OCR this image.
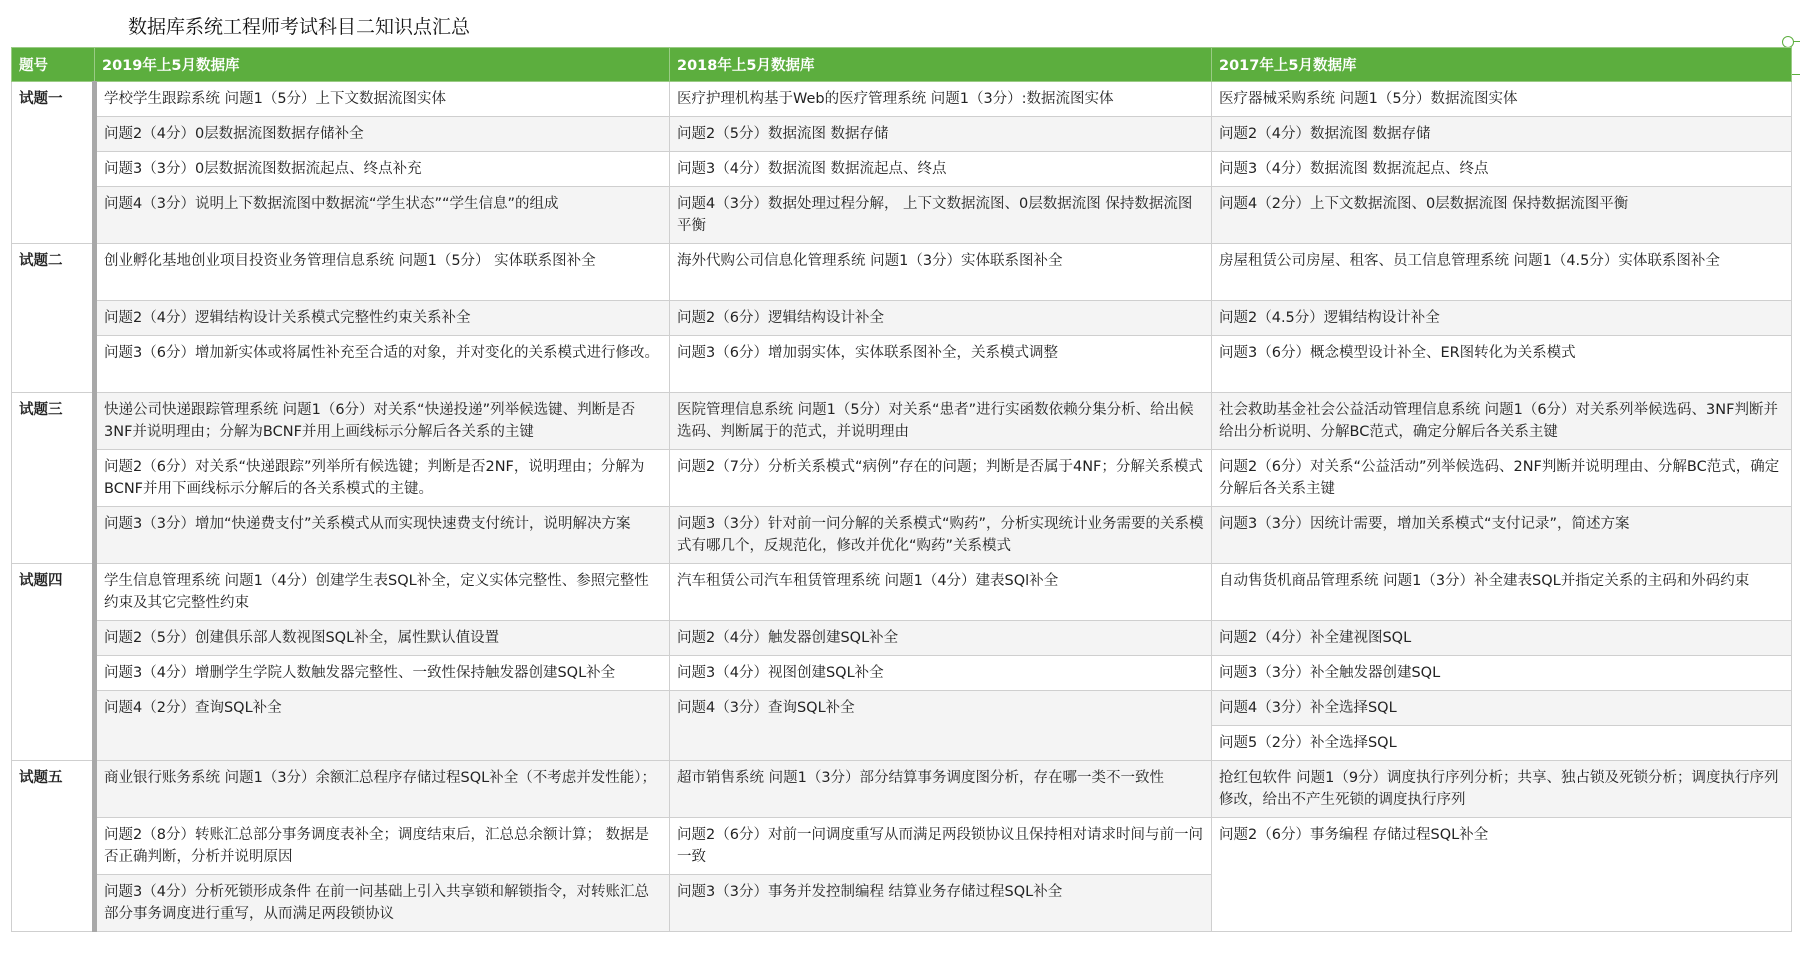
数据库系统工程师考试科目二知识点汇总
题号	2019年上5月数据库	2018年上5月数据库	2017年上5月数据库
试题一	学校学生跟踪系统 问题1（5分）上下文数据流图实体	医疗护理机构基于Web的医疗管理系统 问题1（3分）:数据流图实体	医疗器械采购系统 问题1（5分）数据流图实体
	问题2（4分）0层数据流图数据存储补全	问题2（5分）数据流图 数据存储	问题2（4分）数据流图 数据存储
	问题3（3分）0层数据流图数据流起点、终点补充	问题3（4分）数据流图 数据流起点、终点	问题3（4分）数据流图 数据流起点、终点
	问题4（3分）说明上下数据流图中数据流“学生状态”“学生信息”的组成	问题4（3分）数据处理过程分解， 上下文数据流图、0层数据流图 保持数据流图平衡	问题4（2分）上下文数据流图、0层数据流图 保持数据流图平衡
试题二	创业孵化基地创业项目投资业务管理信息系统 问题1（5分） 实体联系图补全	海外代购公司信息化管理系统 问题1（3分）实体联系图补全	房屋租赁公司房屋、租客、员工信息管理系统 问题1（4.5分）实体联系图补全
	问题2（4分）逻辑结构设计关系模式完整性约束关系补全	问题2（6分）逻辑结构设计补全	问题2（4.5分）逻辑结构设计补全
	问题3（6分）增加新实体或将属性补充至合适的对象，并对变化的关系模式进行修改。	问题3（6分）增加弱实体，实体联系图补全，关系模式调整	问题3（6分）概念模型设计补全、ER图转化为关系模式
试题三	快递公司快递跟踪管理系统 问题1（6分）对关系“快递投递”列举候选键、判断是否3NF并说明理由；分解为BCNF并用上画线标示分解后各关系的主键	医院管理信息系统 问题1（5分）对关系“患者”进行实函数依赖分集分析、给出候选码、判断属于的范式，并说明理由	社会救助基金社会公益活动管理信息系统 问题1（6分）对关系列举候选码、3NF判断并给出分析说明、分解BC范式，确定分解后各关系主键
	问题2（6分）对关系“快递跟踪”列举所有候选键；判断是否2NF，说明理由；分解为BCNF并用下画线标示分解后的各关系模式的主键。	问题2（7分）分析关系模式“病例”存在的问题；判断是否属于4NF；分解关系模式	问题2（6分）对关系“公益活动”列举候选码、2NF判断并说明理由、分解BC范式，确定分解后各关系主键
	问题3（3分）增加“快递费支付”关系模式从而实现快速费支付统计，说明解决方案	问题3（3分）针对前一问分解的关系模式“购药”，分析实现统计业务需要的关系模式有哪几个，反规范化，修改并优化“购药”关系模式	问题3（3分）因统计需要，增加关系模式“支付记录”，简述方案
试题四	学生信息管理系统 问题1（4分）创建学生表SQL补全，定义实体完整性、参照完整性约束及其它完整性约束	汽车租赁公司汽车租赁管理系统 问题1（4分）建表SQl补全	自动售货机商品管理系统 问题1（3分）补全建表SQL并指定关系的主码和外码约束
	问题2（5分）创建俱乐部人数视图SQL补全，属性默认值设置	问题2（4分）触发器创建SQL补全	问题2（4分）补全建视图SQL
	问题3（4分）增删学生学院人数触发器完整性、一致性保持触发器创建SQL补全	问题3（4分）视图创建SQL补全	问题3（3分）补全触发器创建SQL
	问题4（2分）查询SQL补全	问题4（3分）查询SQL补全	问题4（3分）补全选择SQL
			问题5（2分）补全选择SQL
试题五	商业银行账务系统 问题1（3分）余额汇总程序存储过程SQL补全（不考虑并发性能）；	超市销售系统 问题1（3分）部分结算事务调度图分析，存在哪一类不一致性	抢红包软件 问题1（9分）调度执行序列分析；共享、独占锁及死锁分析；调度执行序列修改，给出不产生死锁的调度执行序列
	问题2（8分）转账汇总部分事务调度表补全；调度结束后，汇总总余额计算； 数据是否正确判断，分析并说明原因	问题2（6分）对前一问调度重写从而满足两段锁协议且保持相对请求时间与前一问一致	问题2（6分）事务编程 存储过程SQL补全
	问题3（4分）分析死锁形成条件 在前一问基础上引入共享锁和解锁指令，对转账汇总部分事务调度进行重写，从而满足两段锁协议	问题3（3分）事务并发控制编程 结算业务存储过程SQL补全	
